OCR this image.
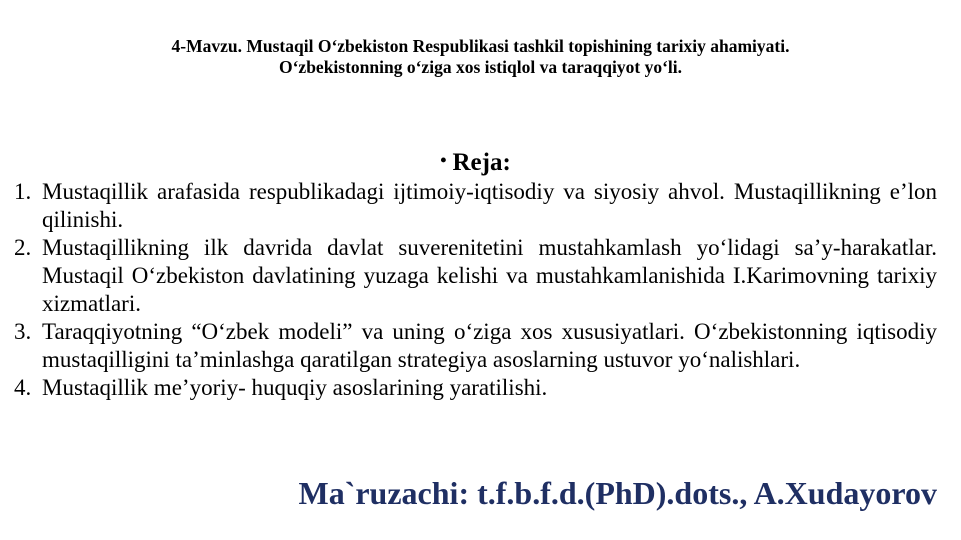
4-Mavzu. Mustaqil O‘zbekiston Respublikasi tashkil topishining tarixiy ahamiyati.
O‘zbekistonning o‘ziga xos istiqlol va taraqqiyot yo‘li.
• Reja:
1. Mustaqillik arafasida respublikadagi ijtimoiy-iqtisodiy va siyosiy ahvol. Mustaqillikning e’lon qilinishi.
2. Mustaqillikning ilk davrida davlat suverenitetini mustahkamlash yo‘lidagi sa’y-harakatlar. Mustaqil O‘zbekiston davlatining yuzaga kelishi va mustahkamlanishida I.Karimovning tarixiy xizmatlari.
3. Taraqqiyotning “O‘zbek modeli” va uning o‘ziga xos xususiyatlari. O‘zbekistonning iqtisodiy mustaqilligini ta’minlashga qaratilgan strategiya asoslarning ustuvor yo‘nalishlari.
4. Mustaqillik me’yoriy- huquqiy asoslarining yaratilishi.
Ma`ruzachi: t.f.b.f.d.(PhD).dots., A.Xudayorov
